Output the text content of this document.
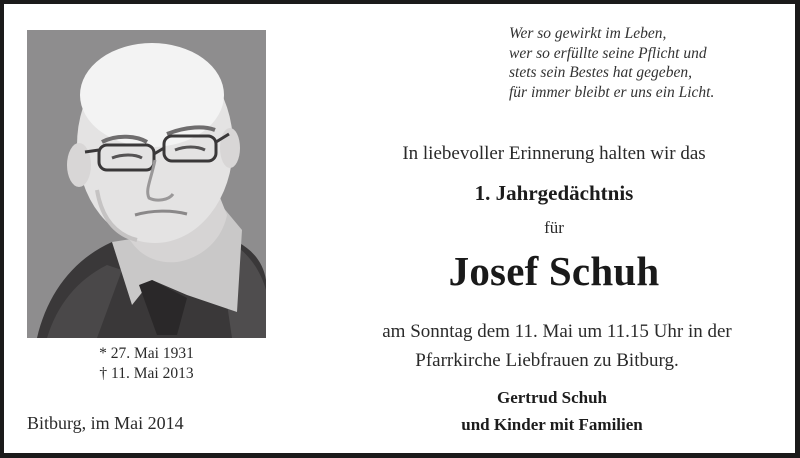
* 27. Mai 1931
† 11. Mai 2013
Bitburg, im Mai 2014
Wer so gewirkt im Leben,
wer so erfüllte seine Pflicht und
stets sein Bestes hat gegeben,
für immer bleibt er uns ein Licht.
In liebevoller Erinnerung halten wir das
1. Jahrgedächtnis
für
Josef Schuh
am Sonntag dem 11. Mai um 11.15 Uhr in der
Pfarrkirche Liebfrauen zu Bitburg.
Gertrud Schuh
und Kinder mit Familien
